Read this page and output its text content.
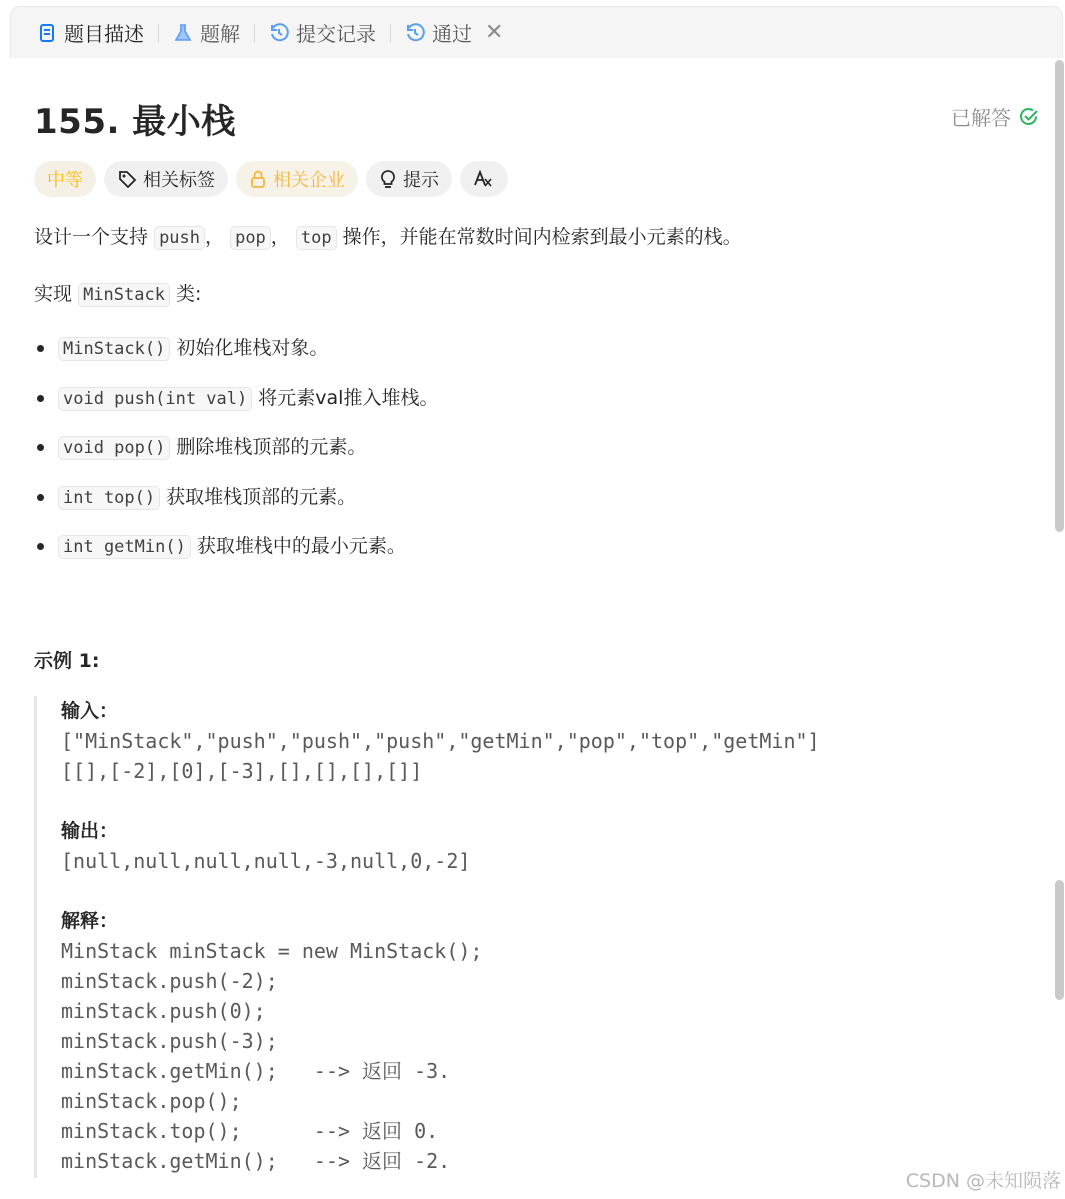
题目描述	题解	提交记录	通过 ✕
155. 最小栈	已解答
中等	相关标签	相关企业	提示

设计一个支持 push ， pop ， top 操作，并能在常数时间内检索到最小元素的栈。

实现 MinStack 类:

MinStack() 初始化堆栈对象。
void push(int val) 将元素val推入堆栈。
void pop() 删除堆栈顶部的元素。
int top() 获取堆栈顶部的元素。
int getMin() 获取堆栈中的最小元素。
示例 1:
输入：
["MinStack","push","push","push","getMin","pop","top","getMin"]
[[],[-2],[0],[-3],[],[],[],[]]
输出：
[null,null,null,null,-3,null,0,-2]
解释：
MinStack minStack = new MinStack();
minStack.push(-2);
minStack.push(0);
minStack.push(-3);
minStack.getMin();   --> 返回 -3.
minStack.pop();
minStack.top();      --> 返回 0.
minStack.getMin();   --> 返回 -2.
CSDN @未知陨落
